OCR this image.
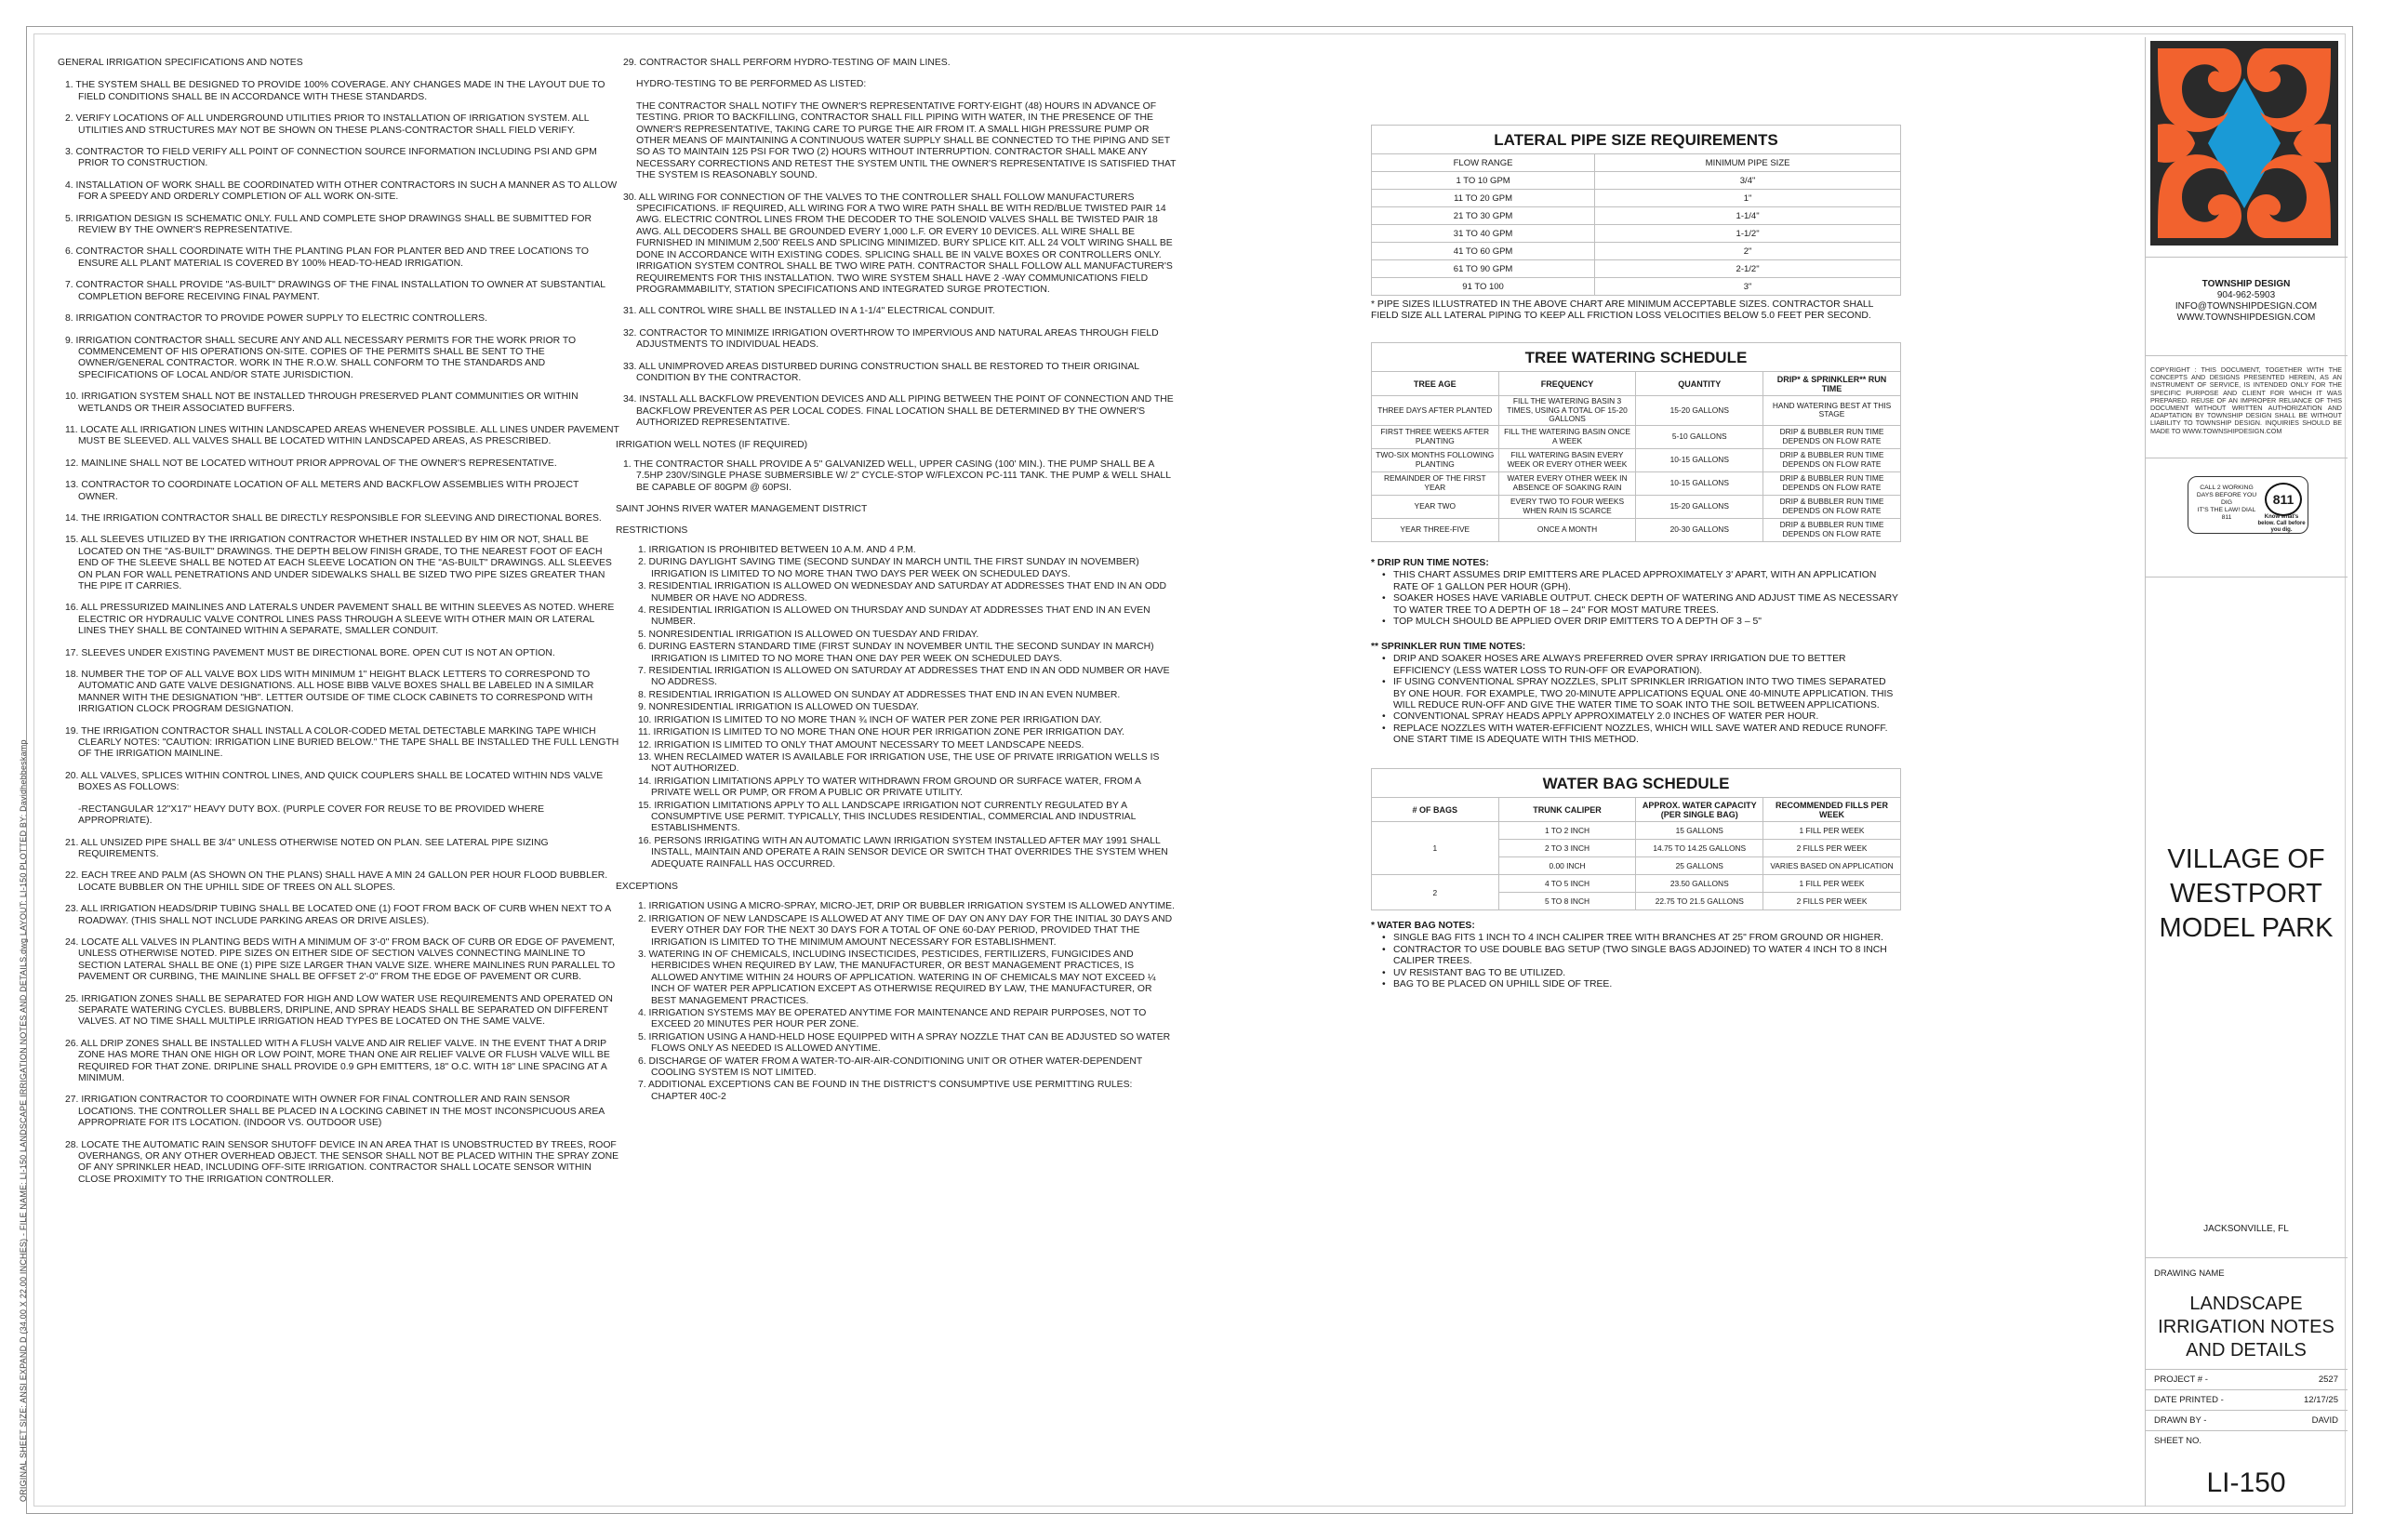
ORIGINAL SHEET SIZE: ANSI EXPAND D (34.00 X 22.00 INCHES) - FILE NAME: LI-150 LANDSCAPE IRRIGATION NOTES AND DETAILS.dwg LAYOUT: LI-150 PLOTTED BY: Davidhebbeskamp
GENERAL IRRIGATION SPECIFICATIONS AND NOTES
1. THE SYSTEM SHALL BE DESIGNED TO PROVIDE 100% COVERAGE. ANY CHANGES MADE IN THE LAYOUT DUE TO FIELD CONDITIONS SHALL BE IN ACCORDANCE WITH THESE STANDARDS.
2. VERIFY LOCATIONS OF ALL UNDERGROUND UTILITIES PRIOR TO INSTALLATION OF IRRIGATION SYSTEM. ALL UTILITIES AND STRUCTURES MAY NOT BE SHOWN ON THESE PLANS-CONTRACTOR SHALL FIELD VERIFY.
3. CONTRACTOR TO FIELD VERIFY ALL POINT OF CONNECTION SOURCE INFORMATION INCLUDING PSI AND GPM PRIOR TO CONSTRUCTION.
4. INSTALLATION OF WORK SHALL BE COORDINATED WITH OTHER CONTRACTORS IN SUCH A MANNER AS TO ALLOW FOR A SPEEDY AND ORDERLY COMPLETION OF ALL WORK ON-SITE.
5. IRRIGATION DESIGN IS SCHEMATIC ONLY. FULL AND COMPLETE SHOP DRAWINGS SHALL BE SUBMITTED FOR REVIEW BY THE OWNER'S REPRESENTATIVE.
6. CONTRACTOR SHALL COORDINATE WITH THE PLANTING PLAN FOR PLANTER BED AND TREE LOCATIONS TO ENSURE ALL PLANT MATERIAL IS COVERED BY 100% HEAD-TO-HEAD IRRIGATION.
7. CONTRACTOR SHALL PROVIDE "AS-BUILT" DRAWINGS OF THE FINAL INSTALLATION TO OWNER AT SUBSTANTIAL COMPLETION BEFORE RECEIVING FINAL PAYMENT.
8. IRRIGATION CONTRACTOR TO PROVIDE POWER SUPPLY TO ELECTRIC CONTROLLERS.
9. IRRIGATION CONTRACTOR SHALL SECURE ANY AND ALL NECESSARY PERMITS FOR THE WORK PRIOR TO COMMENCEMENT OF HIS OPERATIONS ON-SITE. COPIES OF THE PERMITS SHALL BE SENT TO THE OWNER/GENERAL CONTRACTOR. WORK IN THE R.O.W. SHALL CONFORM TO THE STANDARDS AND SPECIFICATIONS OF LOCAL AND/OR STATE JURISDICTION.
10. IRRIGATION SYSTEM SHALL NOT BE INSTALLED THROUGH PRESERVED PLANT COMMUNITIES OR WITHIN WETLANDS OR THEIR ASSOCIATED BUFFERS.
11. LOCATE ALL IRRIGATION LINES WITHIN LANDSCAPED AREAS WHENEVER POSSIBLE. ALL LINES UNDER PAVEMENT MUST BE SLEEVED. ALL VALVES SHALL BE LOCATED WITHIN LANDSCAPED AREAS, AS PRESCRIBED.
12. MAINLINE SHALL NOT BE LOCATED WITHOUT PRIOR APPROVAL OF THE OWNER'S REPRESENTATIVE.
13. CONTRACTOR TO COORDINATE LOCATION OF ALL METERS AND BACKFLOW ASSEMBLIES WITH PROJECT OWNER.
14. THE IRRIGATION CONTRACTOR SHALL BE DIRECTLY RESPONSIBLE FOR SLEEVING AND DIRECTIONAL BORES.
15. ALL SLEEVES UTILIZED BY THE IRRIGATION CONTRACTOR WHETHER INSTALLED BY HIM OR NOT, SHALL BE LOCATED ON THE "AS-BUILT" DRAWINGS. THE DEPTH BELOW FINISH GRADE, TO THE NEAREST FOOT OF EACH END OF THE SLEEVE SHALL BE NOTED AT EACH SLEEVE LOCATION ON THE "AS-BUILT" DRAWINGS. ALL SLEEVES ON PLAN FOR WALL PENETRATIONS AND UNDER SIDEWALKS SHALL BE SIZED TWO PIPE SIZES GREATER THAN THE PIPE IT CARRIES.
16. ALL PRESSURIZED MAINLINES AND LATERALS UNDER PAVEMENT SHALL BE WITHIN SLEEVES AS NOTED. WHERE ELECTRIC OR HYDRAULIC VALVE CONTROL LINES PASS THROUGH A SLEEVE WITH OTHER MAIN OR LATERAL LINES THEY SHALL BE CONTAINED WITHIN A SEPARATE, SMALLER CONDUIT.
17. SLEEVES UNDER EXISTING PAVEMENT MUST BE DIRECTIONAL BORE. OPEN CUT IS NOT AN OPTION.
18. NUMBER THE TOP OF ALL VALVE BOX LIDS WITH MINIMUM 1" HEIGHT BLACK LETTERS TO CORRESPOND TO AUTOMATIC AND GATE VALVE DESIGNATIONS. ALL HOSE BIBB VALVE BOXES SHALL BE LABELED IN A SIMILAR MANNER WITH THE DESIGNATION "HB". LETTER OUTSIDE OF TIME CLOCK CABINETS TO CORRESPOND WITH IRRIGATION CLOCK PROGRAM DESIGNATION.
19. THE IRRIGATION CONTRACTOR SHALL INSTALL A COLOR-CODED METAL DETECTABLE MARKING TAPE WHICH CLEARLY NOTES: "CAUTION: IRRIGATION LINE BURIED BELOW." THE TAPE SHALL BE INSTALLED THE FULL LENGTH OF THE IRRIGATION MAINLINE.
20. ALL VALVES, SPLICES WITHIN CONTROL LINES, AND QUICK COUPLERS SHALL BE LOCATED WITHIN NDS VALVE BOXES AS FOLLOWS:
-RECTANGULAR 12"X17" HEAVY DUTY BOX. (PURPLE COVER FOR REUSE TO BE PROVIDED WHERE APPROPRIATE).
21. ALL UNSIZED PIPE SHALL BE 3/4" UNLESS OTHERWISE NOTED ON PLAN. SEE LATERAL PIPE SIZING REQUIREMENTS.
22. EACH TREE AND PALM (AS SHOWN ON THE PLANS) SHALL HAVE A MIN 24 GALLON PER HOUR FLOOD BUBBLER. LOCATE BUBBLER ON THE UPHILL SIDE OF TREES ON ALL SLOPES.
23. ALL IRRIGATION HEADS/DRIP TUBING SHALL BE LOCATED ONE (1) FOOT FROM BACK OF CURB WHEN NEXT TO A ROADWAY. (THIS SHALL NOT INCLUDE PARKING AREAS OR DRIVE AISLES).
24. LOCATE ALL VALVES IN PLANTING BEDS WITH A MINIMUM OF 3'-0" FROM BACK OF CURB OR EDGE OF PAVEMENT, UNLESS OTHERWISE NOTED. PIPE SIZES ON EITHER SIDE OF SECTION VALVES CONNECTING MAINLINE TO SECTION LATERAL SHALL BE ONE (1) PIPE SIZE LARGER THAN VALVE SIZE. WHERE MAINLINES RUN PARALLEL TO PAVEMENT OR CURBING, THE MAINLINE SHALL BE OFFSET 2'-0" FROM THE EDGE OF PAVEMENT OR CURB.
25. IRRIGATION ZONES SHALL BE SEPARATED FOR HIGH AND LOW WATER USE REQUIREMENTS AND OPERATED ON SEPARATE WATERING CYCLES. BUBBLERS, DRIPLINE, AND SPRAY HEADS SHALL BE SEPARATED ON DIFFERENT VALVES. AT NO TIME SHALL MULTIPLE IRRIGATION HEAD TYPES BE LOCATED ON THE SAME VALVE.
26. ALL DRIP ZONES SHALL BE INSTALLED WITH A FLUSH VALVE AND AIR RELIEF VALVE. IN THE EVENT THAT A DRIP ZONE HAS MORE THAN ONE HIGH OR LOW POINT, MORE THAN ONE AIR RELIEF VALVE OR FLUSH VALVE WILL BE REQUIRED FOR THAT ZONE. DRIPLINE SHALL PROVIDE 0.9 GPH EMITTERS, 18" O.C. WITH 18" LINE SPACING AT A MINIMUM.
27. IRRIGATION CONTRACTOR TO COORDINATE WITH OWNER FOR FINAL CONTROLLER AND RAIN SENSOR LOCATIONS. THE CONTROLLER SHALL BE PLACED IN A LOCKING CABINET IN THE MOST INCONSPICUOUS AREA APPROPRIATE FOR ITS LOCATION. (INDOOR VS. OUTDOOR USE)
28. LOCATE THE AUTOMATIC RAIN SENSOR SHUTOFF DEVICE IN AN AREA THAT IS UNOBSTRUCTED BY TREES, ROOF OVERHANGS, OR ANY OTHER OVERHEAD OBJECT. THE SENSOR SHALL NOT BE PLACED WITHIN THE SPRAY ZONE OF ANY SPRINKLER HEAD, INCLUDING OFF-SITE IRRIGATION. CONTRACTOR SHALL LOCATE SENSOR WITHIN CLOSE PROXIMITY TO THE IRRIGATION CONTROLLER.
29. CONTRACTOR SHALL PERFORM HYDRO-TESTING OF MAIN LINES.
HYDRO-TESTING TO BE PERFORMED AS LISTED:
THE CONTRACTOR SHALL NOTIFY THE OWNER'S REPRESENTATIVE FORTY-EIGHT (48) HOURS IN ADVANCE OF TESTING. PRIOR TO BACKFILLING, CONTRACTOR SHALL FILL PIPING WITH WATER, IN THE PRESENCE OF THE OWNER'S REPRESENTATIVE, TAKING CARE TO PURGE THE AIR FROM IT. A SMALL HIGH PRESSURE PUMP OR OTHER MEANS OF MAINTAINING A CONTINUOUS WATER SUPPLY SHALL BE CONNECTED TO THE PIPING AND SET SO AS TO MAINTAIN 125 PSI FOR TWO (2) HOURS WITHOUT INTERRUPTION. CONTRACTOR SHALL MAKE ANY NECESSARY CORRECTIONS AND RETEST THE SYSTEM UNTIL THE OWNER'S REPRESENTATIVE IS SATISFIED THAT THE SYSTEM IS REASONABLY SOUND.
30. ALL WIRING FOR CONNECTION OF THE VALVES TO THE CONTROLLER SHALL FOLLOW MANUFACTURERS SPECIFICATIONS. IF REQUIRED, ALL WIRING FOR A TWO WIRE PATH SHALL BE WITH RED/BLUE TWISTED PAIR 14 AWG. ELECTRIC CONTROL LINES FROM THE DECODER TO THE SOLENOID VALVES SHALL BE TWISTED PAIR 18 AWG. ALL DECODERS SHALL BE GROUNDED EVERY 1,000 L.F. OR EVERY 10 DEVICES. ALL WIRE SHALL BE FURNISHED IN MINIMUM 2,500' REELS AND SPLICING MINIMIZED. BURY SPLICE KIT. ALL 24 VOLT WIRING SHALL BE DONE IN ACCORDANCE WITH EXISTING CODES. SPLICING SHALL BE IN VALVE BOXES OR CONTROLLERS ONLY. IRRIGATION SYSTEM CONTROL SHALL BE TWO WIRE PATH. CONTRACTOR SHALL FOLLOW ALL MANUFACTURER'S REQUIREMENTS FOR THIS INSTALLATION. TWO WIRE SYSTEM SHALL HAVE 2 -WAY COMMUNICATIONS FIELD PROGRAMMABILITY, STATION SPECIFICATIONS AND INTEGRATED SURGE PROTECTION.
31. ALL CONTROL WIRE SHALL BE INSTALLED IN A 1-1/4" ELECTRICAL CONDUIT.
32. CONTRACTOR TO MINIMIZE IRRIGATION OVERTHROW TO IMPERVIOUS AND NATURAL AREAS THROUGH FIELD ADJUSTMENTS TO INDIVIDUAL HEADS.
33. ALL UNIMPROVED AREAS DISTURBED DURING CONSTRUCTION SHALL BE RESTORED TO THEIR ORIGINAL CONDITION BY THE CONTRACTOR.
34. INSTALL ALL BACKFLOW PREVENTION DEVICES AND ALL PIPING BETWEEN THE POINT OF CONNECTION AND THE BACKFLOW PREVENTER AS PER LOCAL CODES. FINAL LOCATION SHALL BE DETERMINED BY THE OWNER'S AUTHORIZED REPRESENTATIVE.
IRRIGATION WELL NOTES (IF REQUIRED)
1. THE CONTRACTOR SHALL PROVIDE A 5" GALVANIZED WELL, UPPER CASING (100' MIN.). THE PUMP SHALL BE A 7.5HP 230V/SINGLE PHASE SUBMERSIBLE W/ 2" CYCLE-STOP W/FLEXCON PC-111 TANK. THE PUMP & WELL SHALL BE CAPABLE OF 80GPM @ 60PSI.
SAINT JOHNS RIVER WATER MANAGEMENT DISTRICT
RESTRICTIONS
1. IRRIGATION IS PROHIBITED BETWEEN 10 A.M. AND 4 P.M.
2. DURING DAYLIGHT SAVING TIME (SECOND SUNDAY IN MARCH UNTIL THE FIRST SUNDAY IN NOVEMBER) IRRIGATION IS LIMITED TO NO MORE THAN TWO DAYS PER WEEK ON SCHEDULED DAYS.
3. RESIDENTIAL IRRIGATION IS ALLOWED ON WEDNESDAY AND SATURDAY AT ADDRESSES THAT END IN AN ODD NUMBER OR HAVE NO ADDRESS.
4. RESIDENTIAL IRRIGATION IS ALLOWED ON THURSDAY AND SUNDAY AT ADDRESSES THAT END IN AN EVEN NUMBER.
5. NONRESIDENTIAL IRRIGATION IS ALLOWED ON TUESDAY AND FRIDAY.
6. DURING EASTERN STANDARD TIME (FIRST SUNDAY IN NOVEMBER UNTIL THE SECOND SUNDAY IN MARCH) IRRIGATION IS LIMITED TO NO MORE THAN ONE DAY PER WEEK ON SCHEDULED DAYS.
7. RESIDENTIAL IRRIGATION IS ALLOWED ON SATURDAY AT ADDRESSES THAT END IN AN ODD NUMBER OR HAVE NO ADDRESS.
8. RESIDENTIAL IRRIGATION IS ALLOWED ON SUNDAY AT ADDRESSES THAT END IN AN EVEN NUMBER.
9. NONRESIDENTIAL IRRIGATION IS ALLOWED ON TUESDAY.
10. IRRIGATION IS LIMITED TO NO MORE THAN ¾ INCH OF WATER PER ZONE PER IRRIGATION DAY.
11. IRRIGATION IS LIMITED TO NO MORE THAN ONE HOUR PER IRRIGATION ZONE PER IRRIGATION DAY.
12. IRRIGATION IS LIMITED TO ONLY THAT AMOUNT NECESSARY TO MEET LANDSCAPE NEEDS.
13. WHEN RECLAIMED WATER IS AVAILABLE FOR IRRIGATION USE, THE USE OF PRIVATE IRRIGATION WELLS IS NOT AUTHORIZED.
14. IRRIGATION LIMITATIONS APPLY TO WATER WITHDRAWN FROM GROUND OR SURFACE WATER, FROM A PRIVATE WELL OR PUMP, OR FROM A PUBLIC OR PRIVATE UTILITY.
15. IRRIGATION LIMITATIONS APPLY TO ALL LANDSCAPE IRRIGATION NOT CURRENTLY REGULATED BY A CONSUMPTIVE USE PERMIT. TYPICALLY, THIS INCLUDES RESIDENTIAL, COMMERCIAL AND INDUSTRIAL ESTABLISHMENTS.
16. PERSONS IRRIGATING WITH AN AUTOMATIC LAWN IRRIGATION SYSTEM INSTALLED AFTER MAY 1991 SHALL INSTALL, MAINTAIN AND OPERATE A RAIN SENSOR DEVICE OR SWITCH THAT OVERRIDES THE SYSTEM WHEN ADEQUATE RAINFALL HAS OCCURRED.
EXCEPTIONS
1. IRRIGATION USING A MICRO-SPRAY, MICRO-JET, DRIP OR BUBBLER IRRIGATION SYSTEM IS ALLOWED ANYTIME.
2. IRRIGATION OF NEW LANDSCAPE IS ALLOWED AT ANY TIME OF DAY ON ANY DAY FOR THE INITIAL 30 DAYS AND EVERY OTHER DAY FOR THE NEXT 30 DAYS FOR A TOTAL OF ONE 60-DAY PERIOD, PROVIDED THAT THE IRRIGATION IS LIMITED TO THE MINIMUM AMOUNT NECESSARY FOR ESTABLISHMENT.
3. WATERING IN OF CHEMICALS, INCLUDING INSECTICIDES, PESTICIDES, FERTILIZERS, FUNGICIDES AND HERBICIDES WHEN REQUIRED BY LAW, THE MANUFACTURER, OR BEST MANAGEMENT PRACTICES, IS ALLOWED ANYTIME WITHIN 24 HOURS OF APPLICATION. WATERING IN OF CHEMICALS MAY NOT EXCEED ¼ INCH OF WATER PER APPLICATION EXCEPT AS OTHERWISE REQUIRED BY LAW, THE MANUFACTURER, OR BEST MANAGEMENT PRACTICES.
4. IRRIGATION SYSTEMS MAY BE OPERATED ANYTIME FOR MAINTENANCE AND REPAIR PURPOSES, NOT TO EXCEED 20 MINUTES PER HOUR PER ZONE.
5. IRRIGATION USING A HAND-HELD HOSE EQUIPPED WITH A SPRAY NOZZLE THAT CAN BE ADJUSTED SO WATER FLOWS ONLY AS NEEDED IS ALLOWED ANYTIME.
6. DISCHARGE OF WATER FROM A WATER-TO-AIR-AIR-CONDITIONING UNIT OR OTHER WATER-DEPENDENT COOLING SYSTEM IS NOT LIMITED.
7. ADDITIONAL EXCEPTIONS CAN BE FOUND IN THE DISTRICT'S CONSUMPTIVE USE PERMITTING RULES: CHAPTER 40C-2
LATERAL PIPE SIZE REQUIREMENTS
FLOW RANGE	MINIMUM PIPE SIZE
1 TO 10 GPM	3/4"
11 TO 20 GPM	1"
21 TO 30 GPM	1-1/4"
31 TO 40 GPM	1-1/2"
41 TO 60 GPM	2"
61 TO 90 GPM	2-1/2"
91 TO 100	3"
* PIPE SIZES ILLUSTRATED IN THE ABOVE CHART ARE MINIMUM ACCEPTABLE SIZES. CONTRACTOR SHALL FIELD SIZE ALL LATERAL PIPING TO KEEP ALL FRICTION LOSS VELOCITIES BELOW 5.0 FEET PER SECOND.
TREE WATERING SCHEDULE
TREE AGE	FREQUENCY	QUANTITY	DRIP* & SPRINKLER** RUN TIME
THREE DAYS AFTER PLANTED	FILL THE WATERING BASIN 3 TIMES, USING A TOTAL OF 15-20 GALLONS	15-20 GALLONS	HAND WATERING BEST AT THIS STAGE
FIRST THREE WEEKS AFTER PLANTING	FILL THE WATERING BASIN ONCE A WEEK	5-10 GALLONS	DRIP & BUBBLER RUN TIME DEPENDS ON FLOW RATE
TWO-SIX MONTHS FOLLOWING PLANTING	FILL WATERING BASIN EVERY WEEK OR EVERY OTHER WEEK	10-15 GALLONS	DRIP & BUBBLER RUN TIME DEPENDS ON FLOW RATE
REMAINDER OF THE FIRST YEAR	WATER EVERY OTHER WEEK IN ABSENCE OF SOAKING RAIN	10-15 GALLONS	DRIP & BUBBLER RUN TIME DEPENDS ON FLOW RATE
YEAR TWO	EVERY TWO TO FOUR WEEKS WHEN RAIN IS SCARCE	15-20 GALLONS	DRIP & BUBBLER RUN TIME DEPENDS ON FLOW RATE
YEAR THREE-FIVE	ONCE A MONTH	20-30 GALLONS	DRIP & BUBBLER RUN TIME DEPENDS ON FLOW RATE
* DRIP RUN TIME NOTES:
• THIS CHART ASSUMES DRIP EMITTERS ARE PLACED APPROXIMATELY 3' APART, WITH AN APPLICATION RATE OF 1 GALLON PER HOUR (GPH).
• SOAKER HOSES HAVE VARIABLE OUTPUT. CHECK DEPTH OF WATERING AND ADJUST TIME AS NECESSARY TO WATER TREE TO A DEPTH OF 18 – 24" FOR MOST MATURE TREES.
• TOP MULCH SHOULD BE APPLIED OVER DRIP EMITTERS TO A DEPTH OF 3 – 5"
** SPRINKLER RUN TIME NOTES:
• DRIP AND SOAKER HOSES ARE ALWAYS PREFERRED OVER SPRAY IRRIGATION DUE TO BETTER EFFICIENCY (LESS WATER LOSS TO RUN-OFF OR EVAPORATION).
• IF USING CONVENTIONAL SPRAY NOZZLES, SPLIT SPRINKLER IRRIGATION INTO TWO TIMES SEPARATED BY ONE HOUR. FOR EXAMPLE, TWO 20-MINUTE APPLICATIONS EQUAL ONE 40-MINUTE APPLICATION. THIS WILL REDUCE RUN-OFF AND GIVE THE WATER TIME TO SOAK INTO THE SOIL BETWEEN APPLICATIONS.
• CONVENTIONAL SPRAY HEADS APPLY APPROXIMATELY 2.0 INCHES OF WATER PER HOUR.
• REPLACE NOZZLES WITH WATER-EFFICIENT NOZZLES, WHICH WILL SAVE WATER AND REDUCE RUNOFF. ONE START TIME IS ADEQUATE WITH THIS METHOD.
WATER BAG SCHEDULE
# OF BAGS	TRUNK CALIPER	APPROX. WATER CAPACITY (PER SINGLE BAG)	RECOMMENDED FILLS PER WEEK
1	1 TO 2 INCH	15 GALLONS	1 FILL PER WEEK
	2 TO 3 INCH	14.75 TO 14.25 GALLONS	2 FILLS PER WEEK
	0.00 INCH	25 GALLONS	VARIES BASED ON APPLICATION
2	4 TO 5 INCH	23.50 GALLONS	1 FILL PER WEEK
	5 TO 8 INCH	22.75 TO 21.5 GALLONS	2 FILLS PER WEEK
* WATER BAG NOTES:
• SINGLE BAG FITS 1 INCH TO 4 INCH CALIPER TREE WITH BRANCHES AT 25" FROM GROUND OR HIGHER.
• CONTRACTOR TO USE DOUBLE BAG SETUP (TWO SINGLE BAGS ADJOINED) TO WATER 4 INCH TO 8 INCH CALIPER TREES.
• UV RESISTANT BAG TO BE UTILIZED.
• BAG TO BE PLACED ON UPHILL SIDE OF TREE.
TOWNSHIP DESIGN
904-962-5903
INFO@TOWNSHIPDESIGN.COM
WWW.TOWNSHIPDESIGN.COM
COPYRIGHT : THIS DOCUMENT, TOGETHER WITH THE CONCEPTS AND DESIGNS PRESENTED HEREIN, AS AN INSTRUMENT OF SERVICE, IS INTENDED ONLY FOR THE SPECIFIC PURPOSE AND CLIENT FOR WHICH IT WAS PREPARED. REUSE OF AN IMPROPER RELIANCE OF THIS DOCUMENT WITHOUT WRITTEN AUTHORIZATION AND ADAPTATION BY TOWNSHIP DESIGN SHALL BE WITHOUT LIABILITY TO TOWNSHIP DESIGN. INQUIRIES SHOULD BE MADE TO WWW.TOWNSHIPDESIGN.COM
CALL 2 WORKING DAYS BEFORE YOU DIG
IT'S THE LAW! DIAL 811
811
Know what's below. Call before you dig.
VILLAGE OF
WESTPORT
MODEL PARK
JACKSONVILLE, FL
DRAWING NAME
LANDSCAPE
IRRIGATION NOTES
AND DETAILS
PROJECT # -	2527
DATE PRINTED -	12/17/25
DRAWN BY -	DAVID
SHEET NO.
LI-150
